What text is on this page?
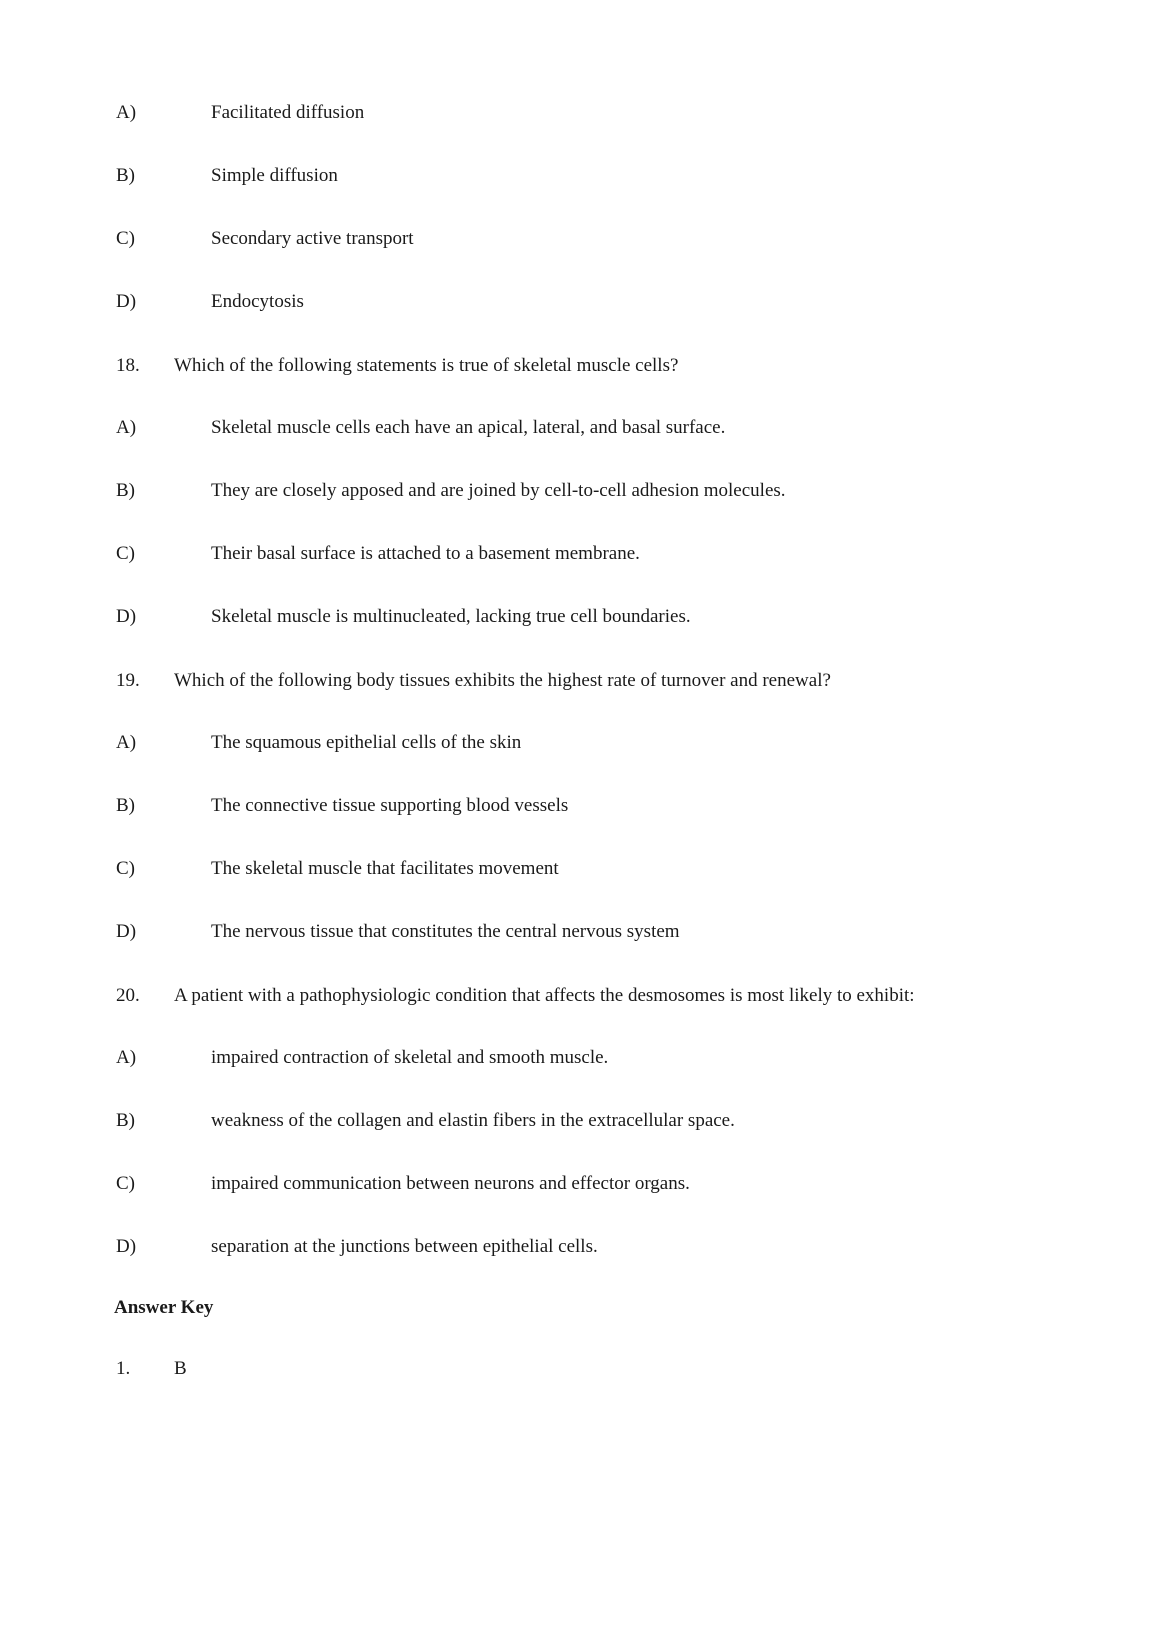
A)	Facilitated diffusion
B)	Simple diffusion
C)	Secondary active transport
D)	Endocytosis
18. Which of the following statements is true of skeletal muscle cells?
A)	Skeletal muscle cells each have an apical, lateral, and basal surface.
B)	They are closely apposed and are joined by cell-to-cell adhesion molecules.
C)	Their basal surface is attached to a basement membrane.
D)	Skeletal muscle is multinucleated, lacking true cell boundaries.
19. Which of the following body tissues exhibits the highest rate of turnover and renewal?
A)	The squamous epithelial cells of the skin
B)	The connective tissue supporting blood vessels
C)	The skeletal muscle that facilitates movement
D)	The nervous tissue that constitutes the central nervous system
20. A patient with a pathophysiologic condition that affects the desmosomes is most likely to exhibit:
A)	impaired contraction of skeletal and smooth muscle.
B)	weakness of the collagen and elastin fibers in the extracellular space.
C)	impaired communication between neurons and effector organs.
D)	separation at the junctions between epithelial cells.
Answer Key
1. B
